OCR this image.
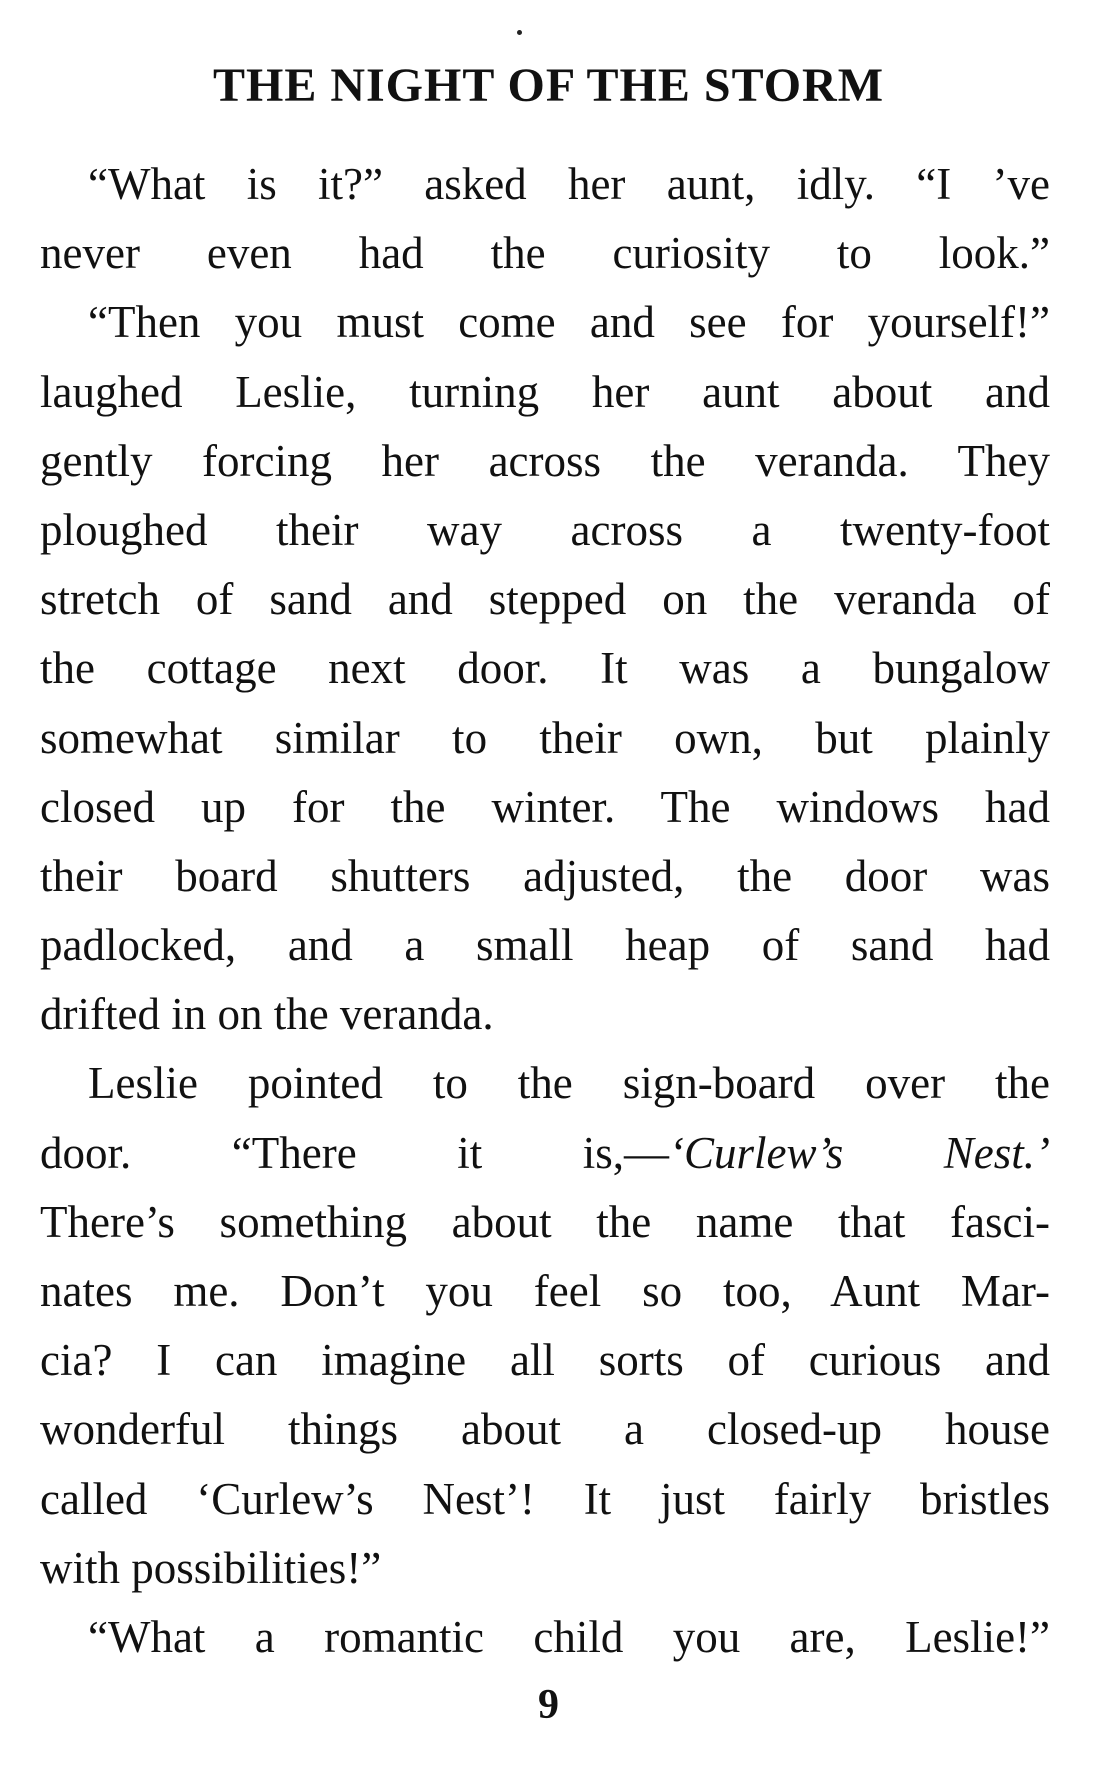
THE NIGHT OF THE STORM
“What is it?” asked her aunt, idly. “I ’ve
never even had the curiosity to look.”
“Then you must come and see for yourself!”
laughed Leslie, turning her aunt about and
gently forcing her across the veranda. They
ploughed their way across a twenty-foot
stretch of sand and stepped on the veranda of
the cottage next door. It was a bungalow
somewhat similar to their own, but plainly
closed up for the winter. The windows had
their board shutters adjusted, the door was
padlocked, and a small heap of sand had
drifted in on the veranda.
Leslie pointed to the sign-board over the
door. “There it is,—‘Curlew’s Nest.’
There’s something about the name that fasci-
nates me. Don’t you feel so too, Aunt Mar-
cia? I can imagine all sorts of curious and
wonderful things about a closed-up house
called ‘Curlew’s Nest’! It just fairly bristles
with possibilities!”
“What a romantic child you are, Leslie!”
9
